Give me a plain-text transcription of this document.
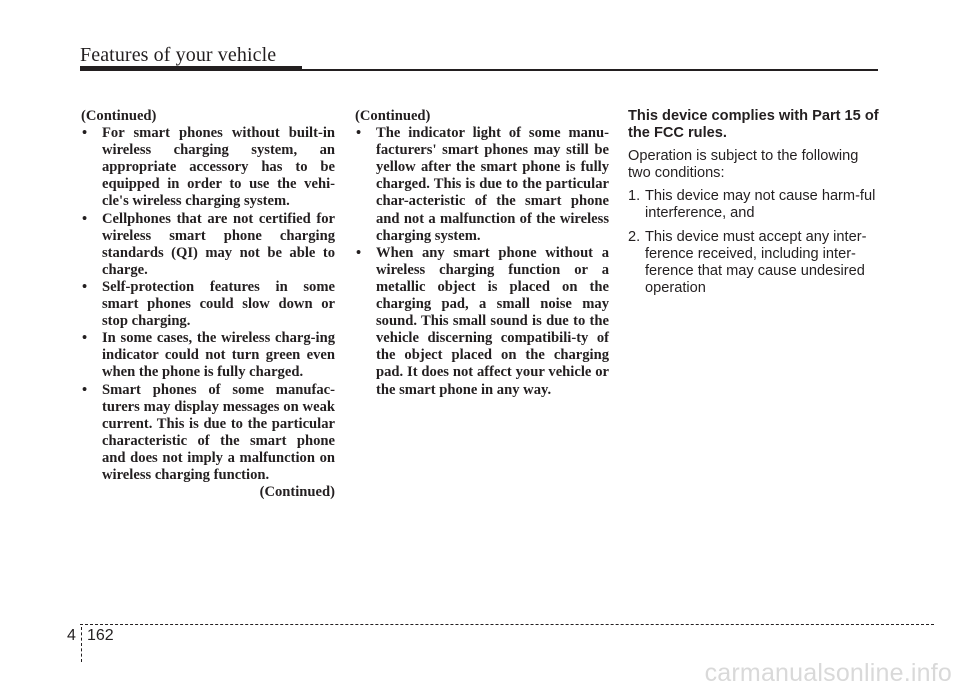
Features of your vehicle
(Continued)
• For smart phones without built-in wireless charging system, an appropriate accessory has to be equipped in order to use the vehi-cle's wireless charging system.
• Cellphones that are not certified for wireless smart phone charging standards (QI) may not be able to charge.
• Self-protection features in some smart phones could slow down or stop charging.
• In some cases, the wireless charg-ing indicator could not turn green even when the phone is fully charged.
• Smart phones of some manufac-turers may display messages on weak current. This is due to the particular characteristic of the smart phone and does not imply a malfunction on wireless charging function.
(Continued)
(Continued)
• The indicator light of some manu-facturers' smart phones may still be yellow after the smart phone is fully charged. This is due to the particular char-acteristic of the smart phone and not a malfunction of the wireless charging system.
• When any smart phone without a wireless charging function or a metallic object is placed on the charging pad, a small noise may sound. This small sound is due to the vehicle discerning compatibili-ty of the object placed on the charging pad. It does not affect your vehicle or the smart phone in any way.

This device complies with Part 15 of the FCC rules.

Operation is subject to the following two conditions:

1. This device may not cause harm-ful interference, and
2. This device must accept any inter-ference received, including inter-ference that may cause undesired operation
4 162
carmanualsonline.info
